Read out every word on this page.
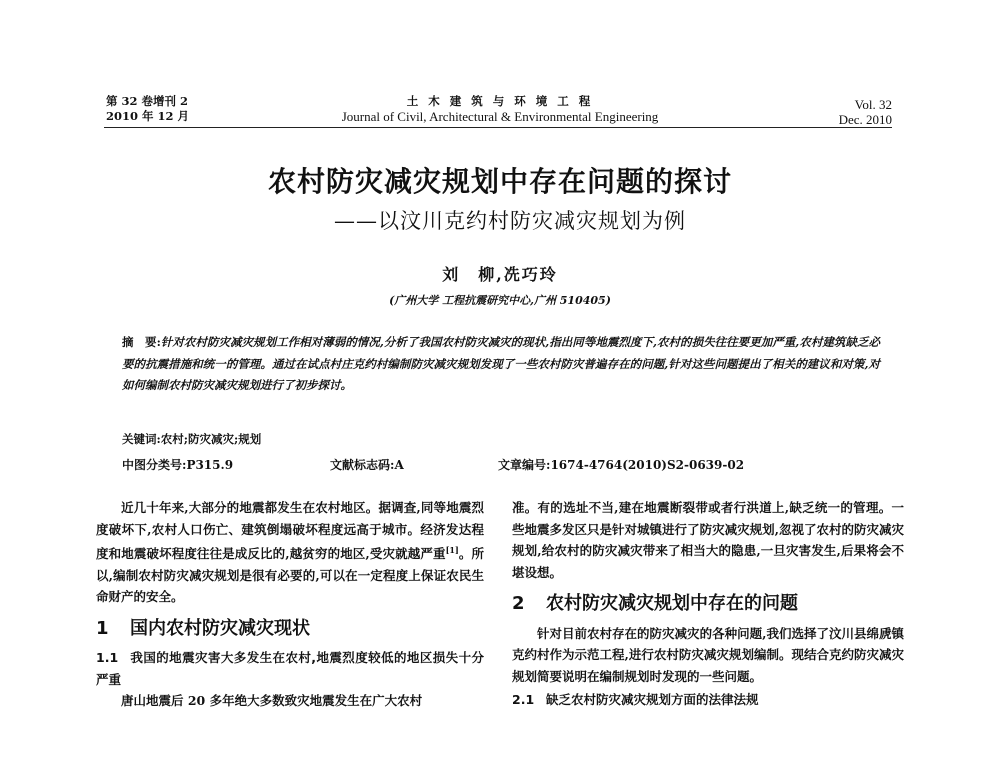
第 32 卷增刊 2
2010 年 12 月
土 木 建 筑 与 环 境 工 程
Journal of Civil, Architectural & Environmental Engineering
Vol. 32
Dec. 2010
农村防灾减灾规划中存在问题的探讨
——以汶川克约村防灾减灾规划为例
刘　柳,冼巧玲
(广州大学 工程抗震研究中心,广州 510405)
摘　要:针对农村防灾减灾规划工作相对薄弱的情况,分析了我国农村防灾减灾的现状,指出同等地震烈度下,农村的损失往往要更加严重,农村建筑缺乏必要的抗震措施和统一的管理。通过在试点村庄克约村编制防灾减灾规划发现了一些农村防灾普遍存在的问题,针对这些问题提出了相关的建议和对策,对如何编制农村防灾减灾规划进行了初步探讨。
关键词:农村;防灾减灾;规划
中图分类号:P315.9	文献标志码:A	文章编号:1674-4764(2010)S2-0639-02

近几十年来,大部分的地震都发生在农村地区。据调查,同等地震烈度破坏下,农村人口伤亡、建筑倒塌破坏程度远高于城市。经济发达程度和地震破坏程度往往是成反比的,越贫穷的地区,受灾就越严重[1]。所以,编制农村防灾减灾规划是很有必要的,可以在一定程度上保证农民生命财产的安全。

1 国内农村防灾减灾现状
1.1 我国的地震灾害大多发生在农村,地震烈度较低的地区损失十分严重

唐山地震后 20 多年绝大多数致灾地震发生在广大农村

准。有的选址不当,建在地震断裂带或者行洪道上,缺乏统一的管理。一些地震多发区只是针对城镇进行了防灾减灾规划,忽视了农村的防灾减灾规划,给农村的防灾减灾带来了相当大的隐患,一旦灾害发生,后果将会不堪设想。

2 农村防灾减灾规划中存在的问题

针对目前农村存在的防灾减灾的各种问题,我们选择了汶川县绵虒镇克约村作为示范工程,进行农村防灾减灾规划编制。现结合克约防灾减灾规划简要说明在编制规划时发现的一些问题。

2.1 缺乏农村防灾减灾规划方面的法律法规
